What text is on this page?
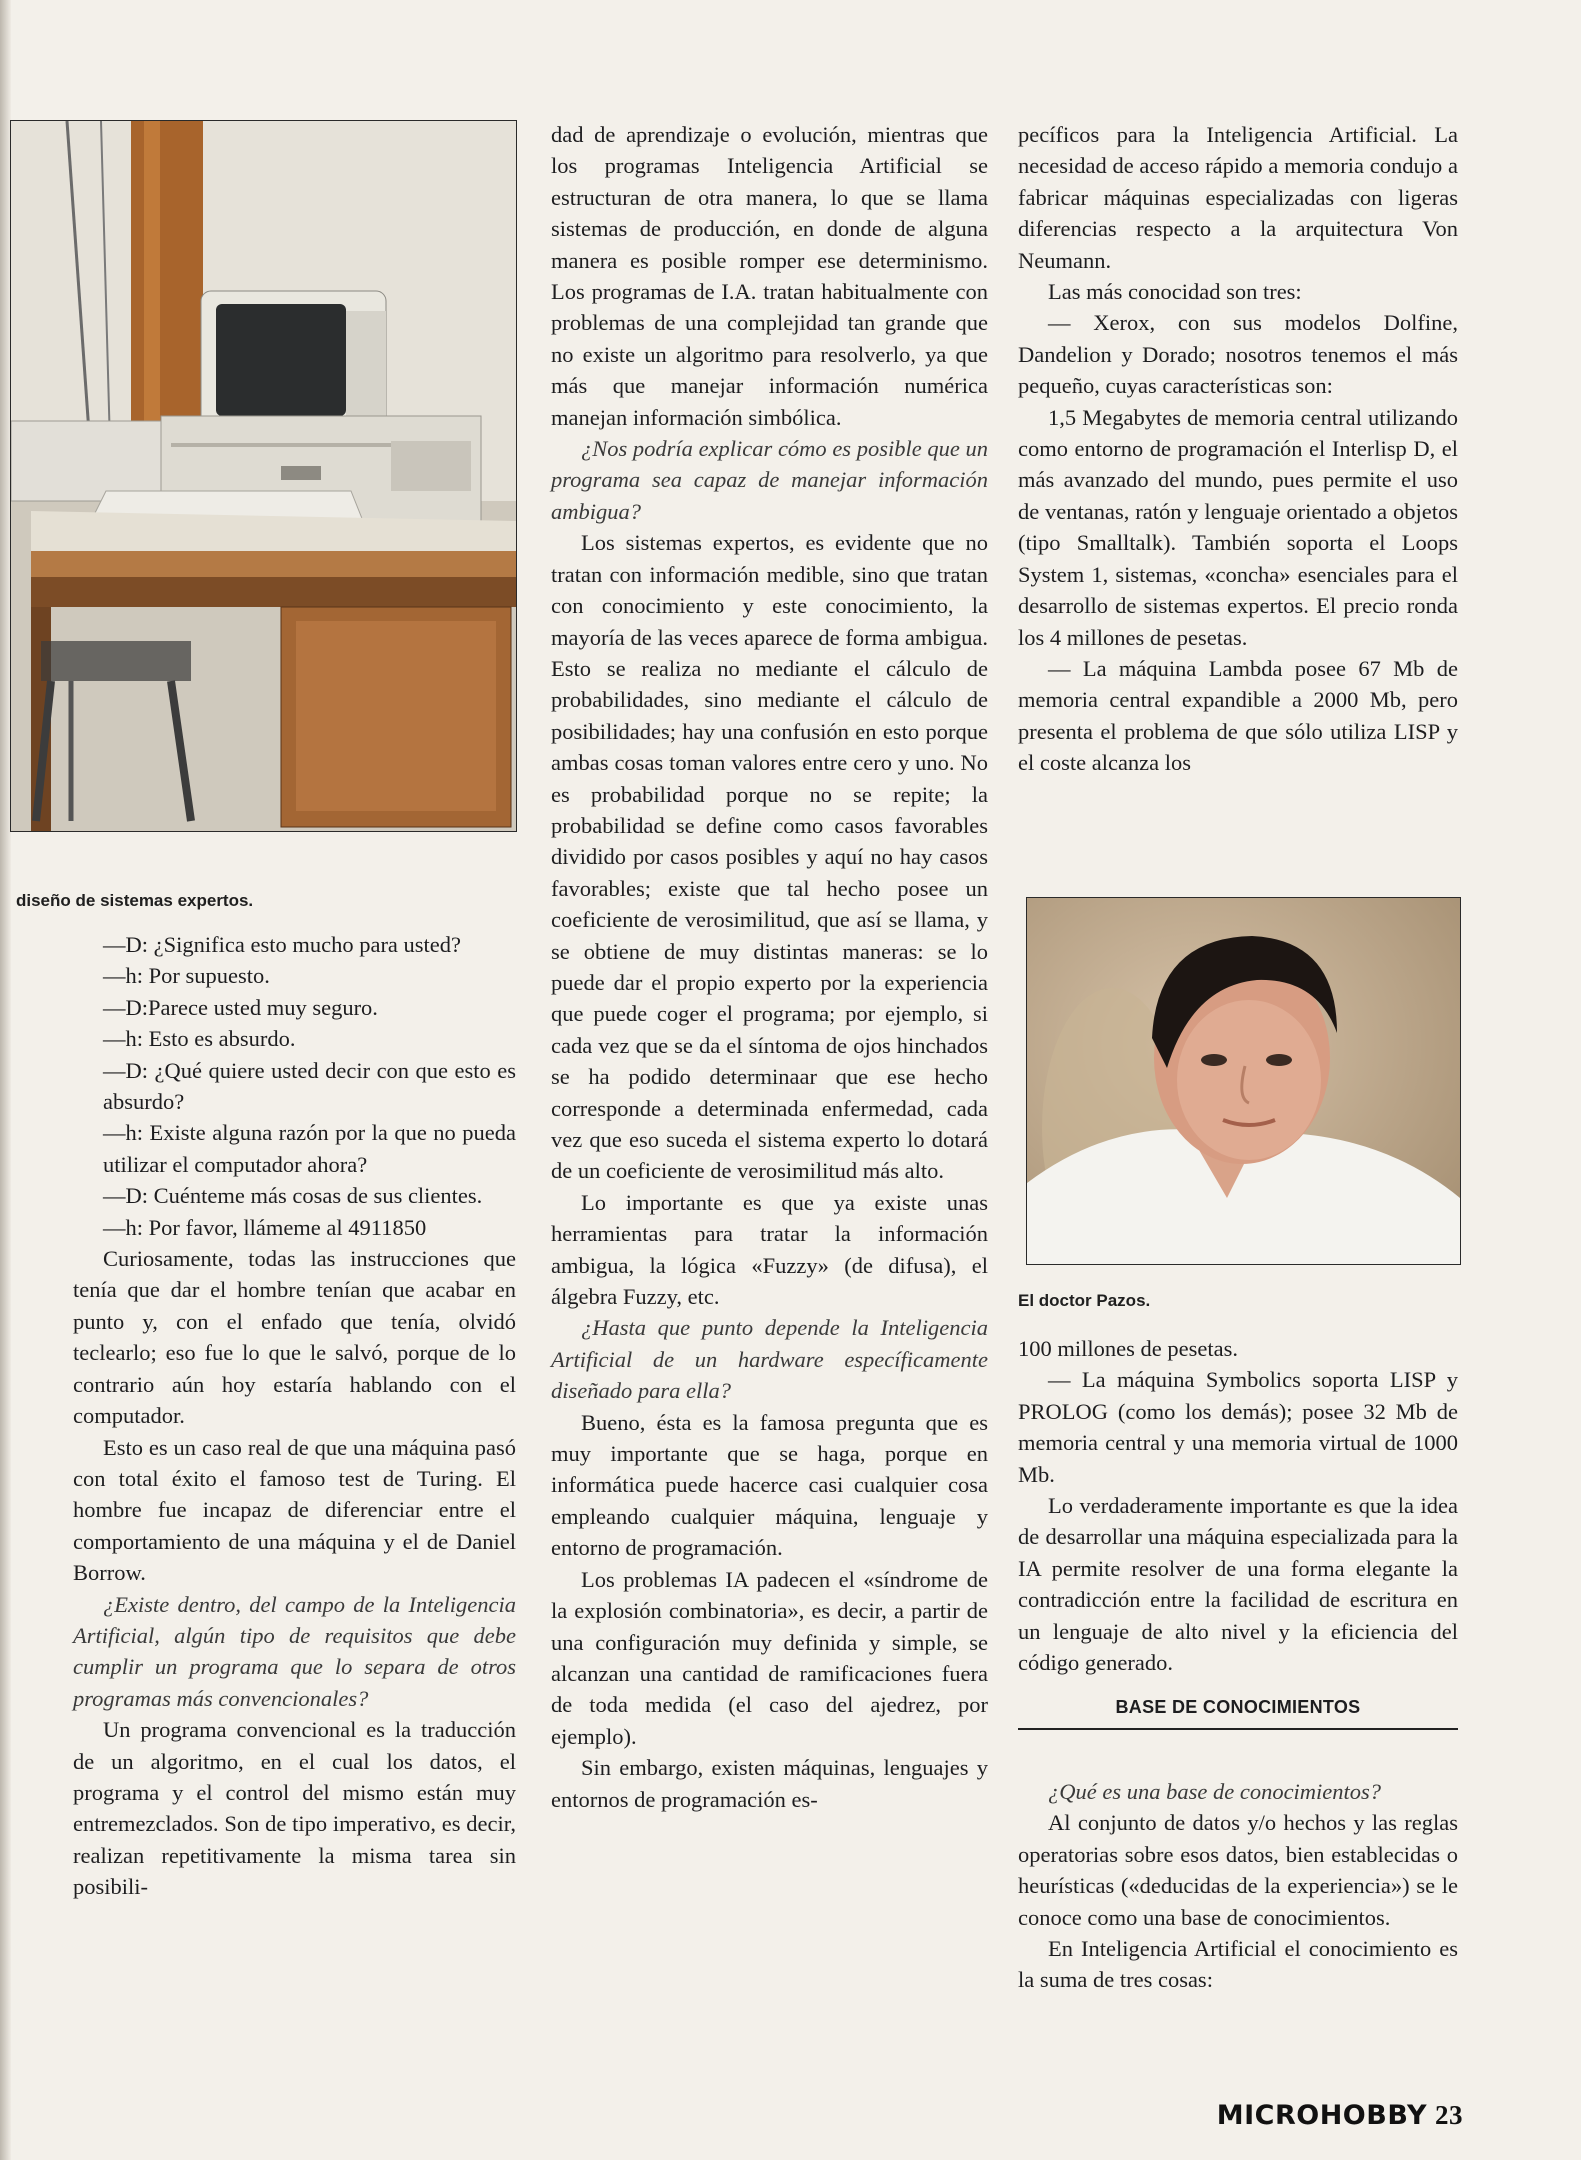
diseño de sistemas expertos.
El doctor Pazos.

—D: ¿Significa esto mucho para usted?

—h: Por supuesto.

—D:Parece usted muy seguro.

—h: Esto es absurdo.

—D: ¿Qué quiere usted decir con que esto es absurdo?

—h: Existe alguna razón por la que no pueda utilizar el computador ahora?

—D: Cuénteme más cosas de sus clientes.

—h: Por favor, llámeme al 4911850

Curiosamente, todas las instrucciones que tenía que dar el hombre tenían que acabar en punto y, con el enfado que tenía, olvidó teclearlo; eso fue lo que le salvó, porque de lo contrario aún hoy estaría hablando con el computador.

Esto es un caso real de que una máquina pasó con total éxito el famoso test de Turing. El hombre fue incapaz de diferenciar entre el comportamiento de una máquina y el de Daniel Borrow.

¿Existe dentro, del campo de la Inteligencia Artificial, algún tipo de requisitos que debe cumplir un programa que lo separa de otros programas más convencionales?

Un programa convencional es la traducción de un algoritmo, en el cual los datos, el programa y el control del mismo están muy entremezclados. Son de tipo imperativo, es decir, realizan repetitivamente la misma tarea sin posibili-

dad de aprendizaje o evolución, mientras que los programas Inteligencia Artificial se estructuran de otra manera, lo que se llama sistemas de producción, en donde de alguna manera es posible romper ese determinismo. Los programas de I.A. tratan habitualmente con problemas de una complejidad tan grande que no existe un algoritmo para resolverlo, ya que más que manejar información numérica manejan información simbólica.

¿Nos podría explicar cómo es posible que un programa sea capaz de manejar información ambigua?

Los sistemas expertos, es evidente que no tratan con información medible, sino que tratan con conocimiento y este conocimiento, la mayoría de las veces aparece de forma ambigua. Esto se realiza no mediante el cálculo de probabilidades, sino mediante el cálculo de posibilidades; hay una confusión en esto porque ambas cosas toman valores entre cero y uno. No es probabilidad porque no se repite; la probabilidad se define como casos favorables dividido por casos posibles y aquí no hay casos favorables; existe que tal hecho posee un coeficiente de verosimilitud, que así se llama, y se obtiene de muy distintas maneras: se lo puede dar el propio experto por la experiencia que puede coger el programa; por ejemplo, si cada vez que se da el síntoma de ojos hinchados se ha podido determinaar que ese hecho corresponde a determinada enfermedad, cada vez que eso suceda el sistema experto lo dotará de un coeficiente de verosimilitud más alto.

Lo importante es que ya existe unas herramientas para tratar la información ambigua, la lógica «Fuzzy» (de difusa), el álgebra Fuzzy, etc.

¿Hasta que punto depende la Inteligencia Artificial de un hardware específicamente diseñado para ella?

Bueno, ésta es la famosa pregunta que es muy importante que se haga, porque en informática puede hacerce casi cualquier cosa empleando cualquier máquina, lenguaje y entorno de programación.

Los problemas IA padecen el «síndrome de la explosión combinatoria», es decir, a partir de una configuración muy definida y simple, se alcanzan una cantidad de ramificaciones fuera de toda medida (el caso del ajedrez, por ejemplo).

Sin embargo, existen máquinas, lenguajes y entornos de programación es-

pecíficos para la Inteligencia Artificial. La necesidad de acceso rápido a memoria condujo a fabricar máquinas especializadas con ligeras diferencias respecto a la arquitectura Von Neumann.

Las más conocidad son tres:

— Xerox, con sus modelos Dolfine, Dandelion y Dorado; nosotros tenemos el más pequeño, cuyas características son:

1,5 Megabytes de memoria central utilizando como entorno de programación el Interlisp D, el más avanzado del mundo, pues permite el uso de ventanas, ratón y lenguaje orientado a objetos (tipo Smalltalk). También soporta el Loops System 1, sistemas, «concha» esenciales para el desarrollo de sistemas expertos. El precio ronda los 4 millones de pesetas.

— La máquina Lambda posee 67 Mb de memoria central expandible a 2000 Mb, pero presenta el problema de que sólo utiliza LISP y el coste alcanza los

100 millones de pesetas.

— La máquina Symbolics soporta LISP y PROLOG (como los demás); posee 32 Mb de memoria central y una memoria virtual de 1000 Mb.

Lo verdaderamente importante es que la idea de desarrollar una máquina especializada para la IA permite resolver de una forma elegante la contradicción entre la facilidad de escritura en un lenguaje de alto nivel y la eficiencia del código generado.

BASE DE CONOCIMIENTOS

¿Qué es una base de conocimientos?

Al conjunto de datos y/o hechos y las reglas operatorias sobre esos datos, bien establecidas o heurísticas («deducidas de la experiencia») se le conoce como una base de conocimientos.

En Inteligencia Artificial el conocimiento es la suma de tres cosas:

MICROHOBBY 23
